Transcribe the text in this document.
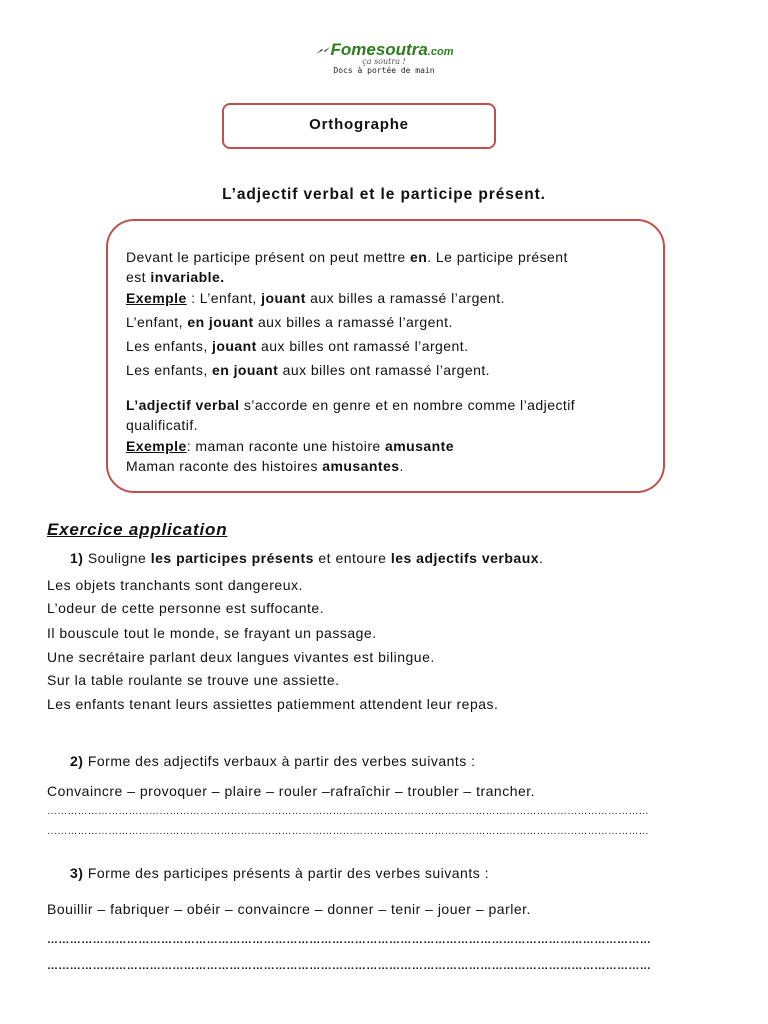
Fomesoutra.com
ça soutra !
Docs à portée de main
Orthographe
L’adjectif verbal et le participe présent.
Devant le participe présent on peut mettre en. Le participe présent
est invariable.
Exemple : L’enfant, jouant aux billes a ramassé l’argent.
L’enfant, en jouant aux billes a ramassé l’argent.
Les enfants, jouant aux billes ont ramassé l’argent.
Les enfants, en jouant aux billes ont ramassé l’argent.
L’adjectif verbal s’accorde en genre et en nombre comme l’adjectif
qualificatif.
Exemple: maman raconte une histoire amusante
Maman raconte des histoires amusantes.
Exercice application
1) Souligne les participes présents et entoure les adjectifs verbaux.
Les objets tranchants sont dangereux.
L’odeur de cette personne est suffocante.
Il bouscule tout le monde, se frayant un passage.
Une secrétaire parlant deux langues vivantes est bilingue.
Sur la table roulante se trouve une assiette.
Les enfants tenant leurs assiettes patiemment attendent leur repas.
2) Forme des adjectifs verbaux à partir des verbes suivants :
Convaincre – provoquer – plaire – rouler –rafraîchir – troubler – trancher.
……………………………………………………………………………………………………………………………………………………………
……………………………………………………………………………………………………………………………………………………………
3) Forme des participes présents à partir des verbes suivants :
Bouillir – fabriquer – obéir – convaincre – donner – tenir – jouer – parler.
……………………………………………………………………………………………………………………………………………
……………………………………………………………………………………………………………………………………………
